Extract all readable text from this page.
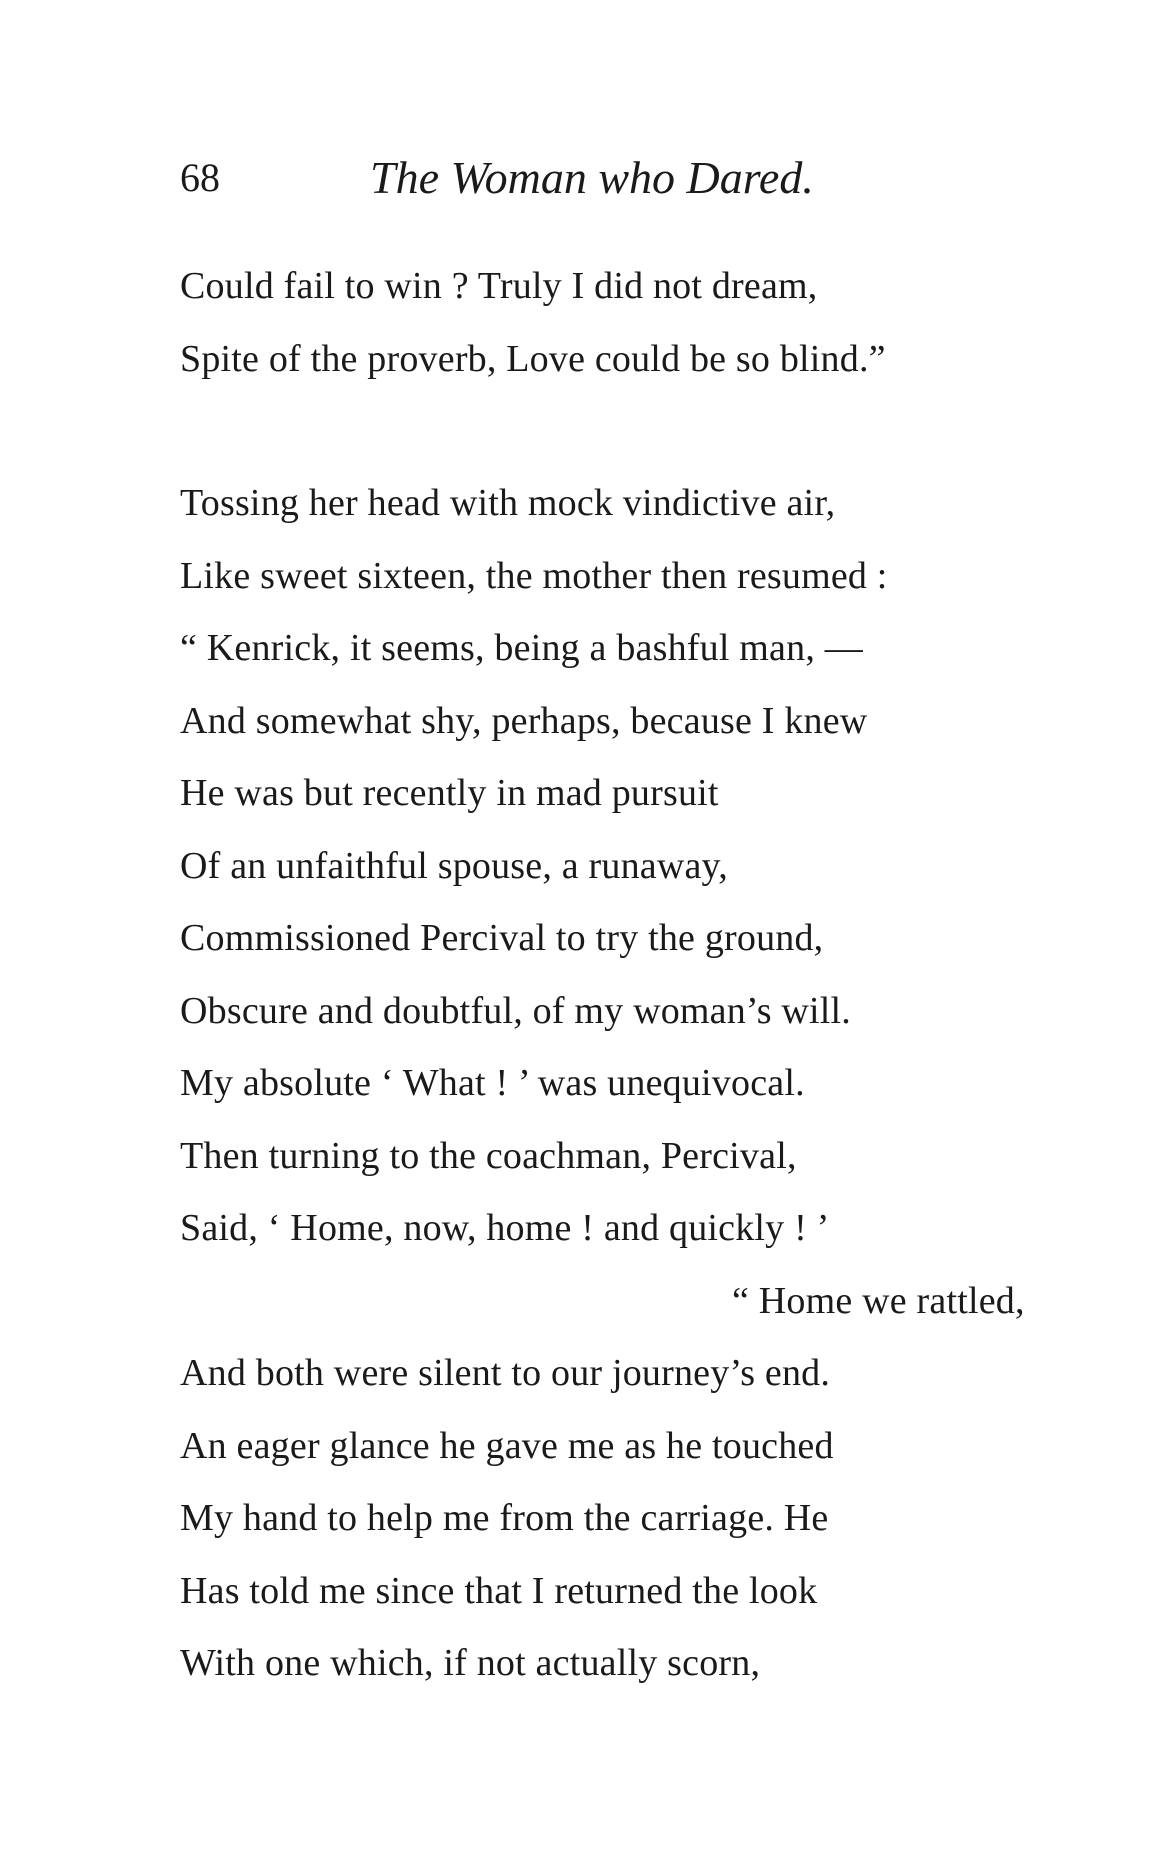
68	The Woman who Dared.
Could fail to win ? Truly I did not dream,
Spite of the proverb, Love could be so blind.”
Tossing her head with mock vindictive air,
Like sweet sixteen, the mother then resumed :
“ Kenrick, it seems, being a bashful man, —
And somewhat shy, perhaps, because I knew
He was but recently in mad pursuit
Of an unfaithful spouse, a runaway,
Commissioned Percival to try the ground,
Obscure and doubtful, of my woman’s will.
My absolute ‘ What ! ’ was unequivocal.
Then turning to the coachman, Percival,
Said, ‘ Home, now, home ! and quickly ! ’
“ Home we rattled,
And both were silent to our journey’s end.
An eager glance he gave me as he touched
My hand to help me from the carriage. He
Has told me since that I returned the look
With one which, if not actually scorn,
